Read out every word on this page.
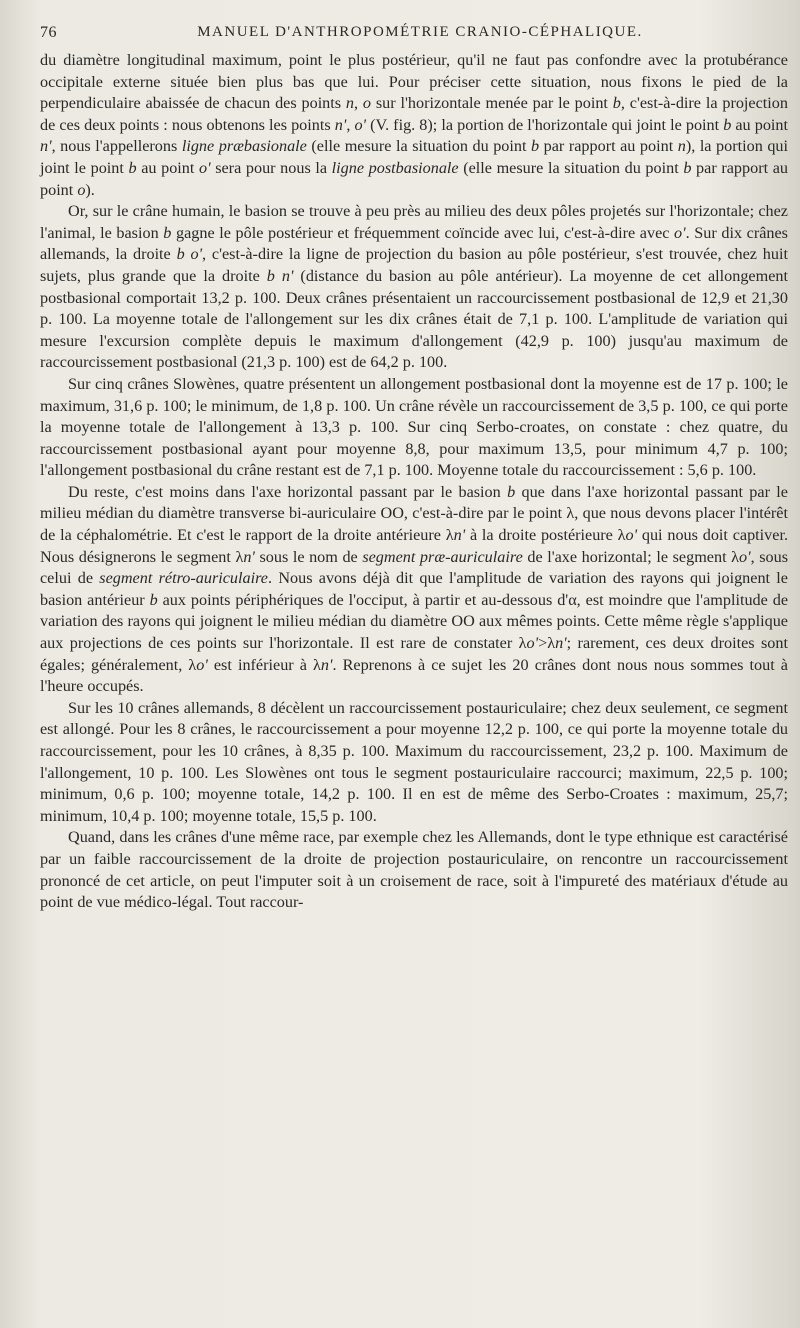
76	MANUEL D'ANTHROPOMÉTRIE CRANIO-CÉPHALIQUE.

du diamètre longitudinal maximum, point le plus postérieur, qu'il ne faut pas confondre avec la protubérance occipitale externe située bien plus bas que lui. Pour préciser cette situation, nous fixons le pied de la perpendiculaire abaissée de chacun des points n, o sur l'horizontale menée par le point b, c'est-à-dire la projection de ces deux points : nous obtenons les points n', o' (V. fig. 8); la portion de l'horizontale qui joint le point b au point n', nous l'appellerons ligne præbasionale (elle mesure la situation du point b par rapport au point n), la portion qui joint le point b au point o' sera pour nous la ligne postbasionale (elle mesure la situation du point b par rapport au point o).

Or, sur le crâne humain, le basion se trouve à peu près au milieu des deux pôles projetés sur l'horizontale; chez l'animal, le basion b gagne le pôle postérieur et fréquemment coïncide avec lui, c'est-à-dire avec o'. Sur dix crânes allemands, la droite b o', c'est-à-dire la ligne de projection du basion au pôle postérieur, s'est trouvée, chez huit sujets, plus grande que la droite b n' (distance du basion au pôle antérieur). La moyenne de cet allongement postbasional comportait 13,2 p. 100. Deux crânes présentaient un raccourcissement postbasional de 12,9 et 21,30 p. 100. La moyenne totale de l'allongement sur les dix crânes était de 7,1 p. 100. L'amplitude de variation qui mesure l'excursion complète depuis le maximum d'allongement (42,9 p. 100) jusqu'au maximum de raccourcissement postbasional (21,3 p. 100) est de 64,2 p. 100.

Sur cinq crânes Slowènes, quatre présentent un allongement postbasional dont la moyenne est de 17 p. 100; le maximum, 31,6 p. 100; le minimum, de 1,8 p. 100. Un crâne révèle un raccourcissement de 3,5 p. 100, ce qui porte la moyenne totale de l'allongement à 13,3 p. 100. Sur cinq Serbo-croates, on constate : chez quatre, du raccourcissement postbasional ayant pour moyenne 8,8, pour maximum 13,5, pour minimum 4,7 p. 100; l'allongement postbasional du crâne restant est de 7,1 p. 100. Moyenne totale du raccourcissement : 5,6 p. 100.

Du reste, c'est moins dans l'axe horizontal passant par le basion b que dans l'axe horizontal passant par le milieu médian du diamètre transverse bi-auriculaire OO, c'est-à-dire par le point λ, que nous devons placer l'intérêt de la céphalométrie. Et c'est le rapport de la droite antérieure λn' à la droite postérieure λo' qui nous doit captiver. Nous désignerons le segment λn' sous le nom de segment præ-auriculaire de l'axe horizontal; le segment λo', sous celui de segment rétro-auriculaire. Nous avons déjà dit que l'amplitude de variation des rayons qui joignent le basion antérieur b aux points périphériques de l'occiput, à partir et au-dessous d'α, est moindre que l'amplitude de variation des rayons qui joignent le milieu médian du diamètre OO aux mêmes points. Cette même règle s'applique aux projections de ces points sur l'horizontale. Il est rare de constater λo'>λn'; rarement, ces deux droites sont égales; généralement, λo' est inférieur à λn'. Reprenons à ce sujet les 20 crânes dont nous nous sommes tout à l'heure occupés.

Sur les 10 crânes allemands, 8 décèlent un raccourcissement postauriculaire; chez deux seulement, ce segment est allongé. Pour les 8 crânes, le raccourcissement a pour moyenne 12,2 p. 100, ce qui porte la moyenne totale du raccourcissement, pour les 10 crânes, à 8,35 p. 100. Maximum du raccourcissement, 23,2 p. 100. Maximum de l'allongement, 10 p. 100. Les Slowènes ont tous le segment postauriculaire raccourci; maximum, 22,5 p. 100; minimum, 0,6 p. 100; moyenne totale, 14,2 p. 100. Il en est de même des Serbo-Croates : maximum, 25,7; minimum, 10,4 p. 100; moyenne totale, 15,5 p. 100.

Quand, dans les crânes d'une même race, par exemple chez les Allemands, dont le type ethnique est caractérisé par un faible raccourcissement de la droite de projection postauriculaire, on rencontre un raccourcissement prononcé de cet article, on peut l'imputer soit à un croisement de race, soit à l'impureté des matériaux d'étude au point de vue médico-légal. Tout raccour-
